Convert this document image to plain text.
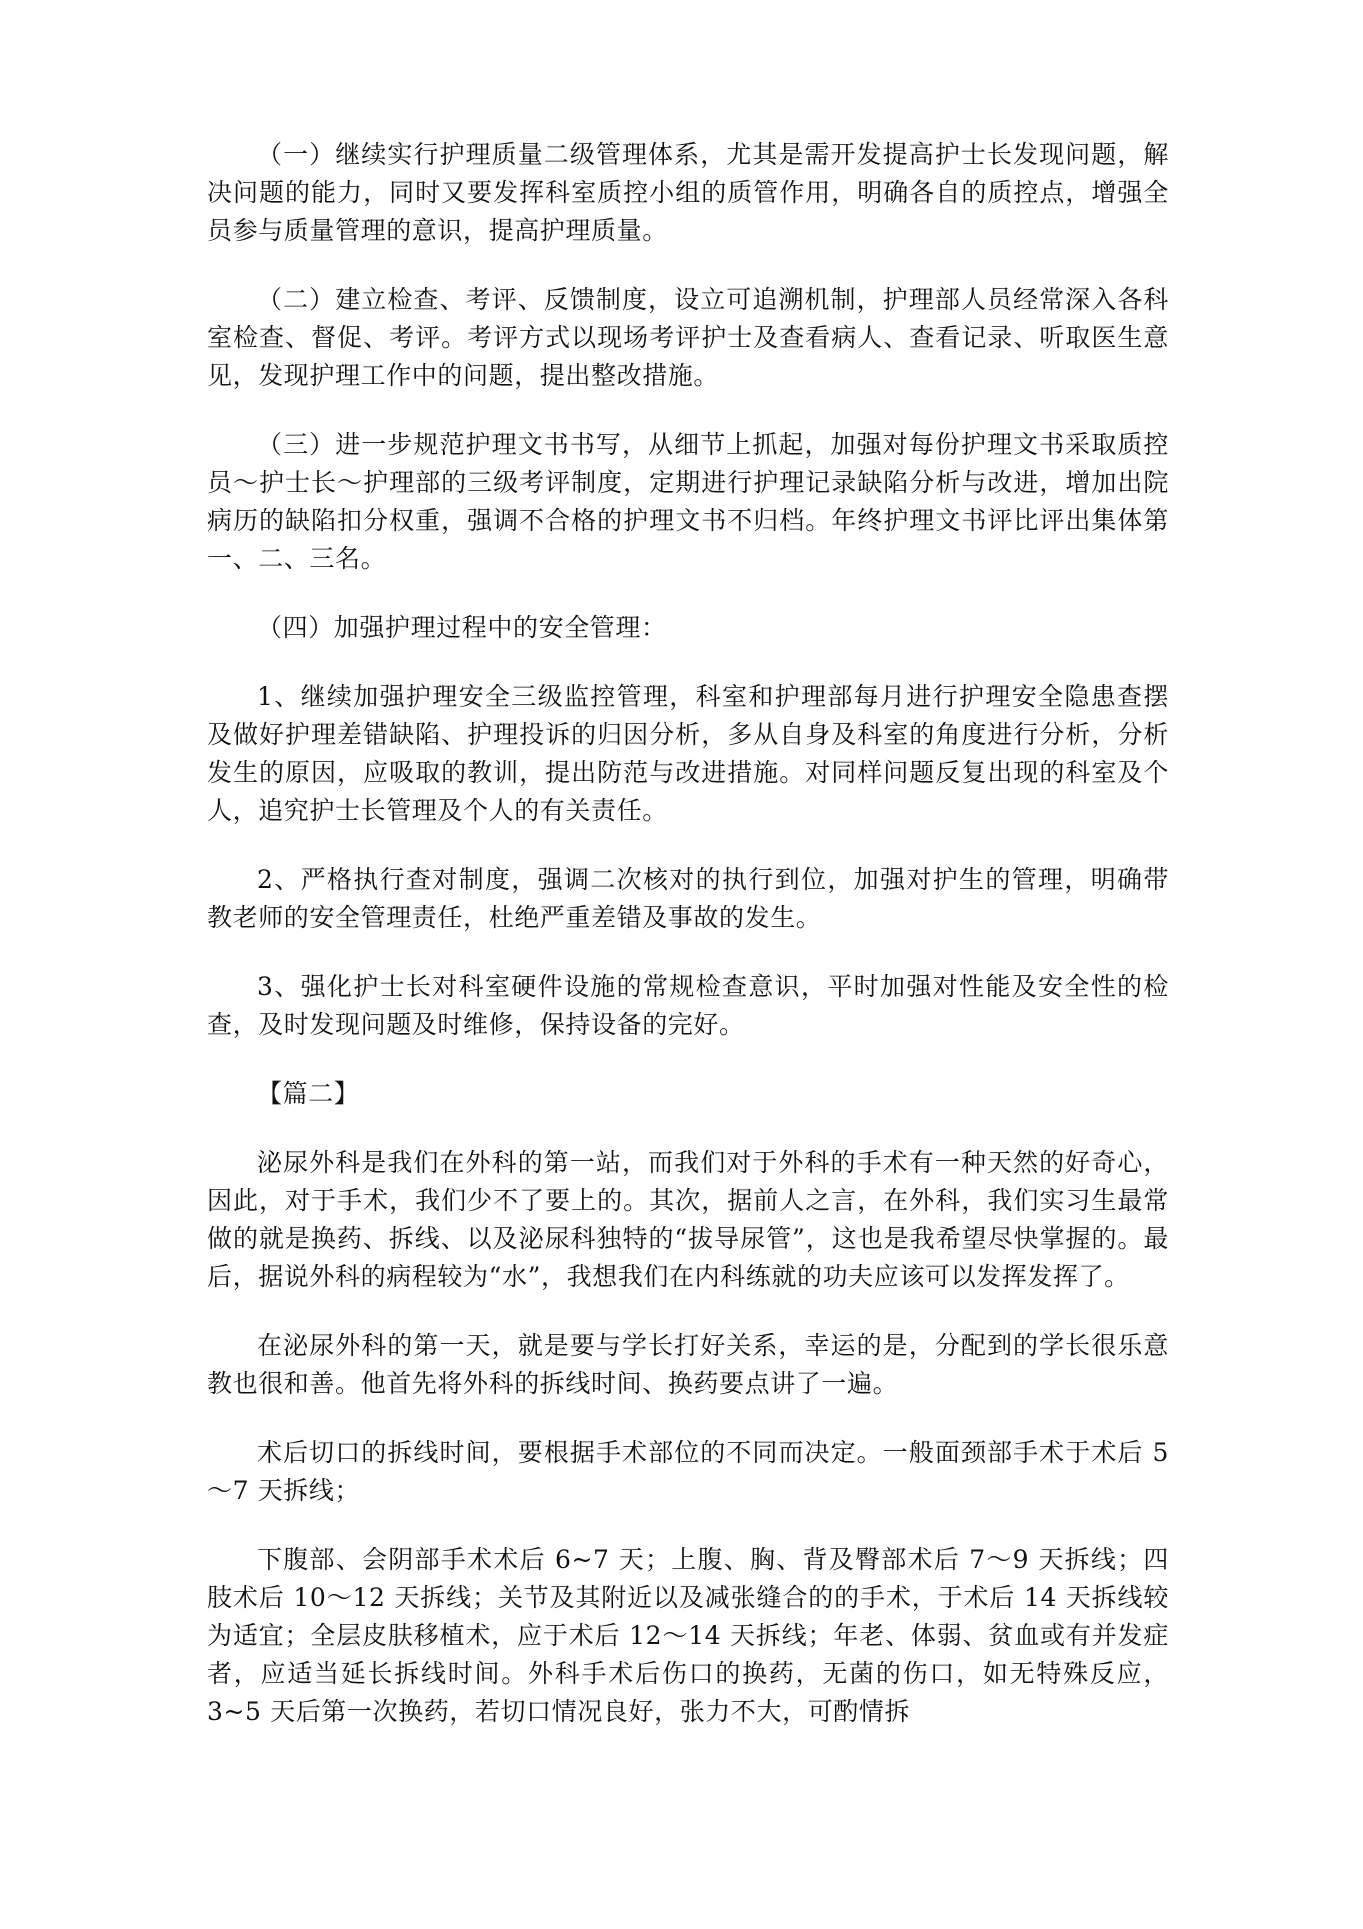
（一）继续实行护理质量二级管理体系，尤其是需开发提高护士长发现问题，解决问题的能力，同时又要发挥科室质控小组的质管作用，明确各自的质控点，增强全员参与质量管理的意识，提高护理质量。

（二）建立检查、考评、反馈制度，设立可追溯机制，护理部人员经常深入各科室检查、督促、考评。考评方式以现场考评护士及查看病人、查看记录、听取医生意见，发现护理工作中的问题，提出整改措施。

（三）进一步规范护理文书书写，从细节上抓起，加强对每份护理文书采取质控员～护士长～护理部的三级考评制度，定期进行护理记录缺陷分析与改进，增加出院病历的缺陷扣分权重，强调不合格的护理文书不归档。年终护理文书评比评出集体第一、二、三名。

（四）加强护理过程中的安全管理：

1、继续加强护理安全三级监控管理，科室和护理部每月进行护理安全隐患查摆及做好护理差错缺陷、护理投诉的归因分析，多从自身及科室的角度进行分析，分析发生的原因，应吸取的教训，提出防范与改进措施。对同样问题反复出现的科室及个人，追究护士长管理及个人的有关责任。

2、严格执行查对制度，强调二次核对的执行到位，加强对护生的管理，明确带教老师的安全管理责任，杜绝严重差错及事故的发生。

3、强化护士长对科室硬件设施的常规检查意识，平时加强对性能及安全性的检查，及时发现问题及时维修，保持设备的完好。

【篇二】

泌尿外科是我们在外科的第一站，而我们对于外科的手术有一种天然的好奇心，因此，对于手术，我们少不了要上的。其次，据前人之言，在外科，我们实习生最常做的就是换药、拆线、以及泌尿科独特的“拔导尿管”，这也是我希望尽快掌握的。最后，据说外科的病程较为“水”，我想我们在内科练就的功夫应该可以发挥发挥了。

在泌尿外科的第一天，就是要与学长打好关系，幸运的是，分配到的学长很乐意教也很和善。他首先将外科的拆线时间、换药要点讲了一遍。

术后切口的拆线时间，要根据手术部位的不同而决定。一般面颈部手术于术后 5～7 天拆线；

下腹部、会阴部手术术后 6~7 天；上腹、胸、背及臀部术后 7～9 天拆线；四肢术后 10～12 天拆线；关节及其附近以及减张缝合的的手术，于术后 14 天拆线较为适宜；全层皮肤移植术，应于术后 12～14 天拆线；年老、体弱、贫血或有并发症者，应适当延长拆线时间。外科手术后伤口的换药，无菌的伤口，如无特殊反应，3~5 天后第一次换药，若切口情况良好，张力不大，可酌情拆
